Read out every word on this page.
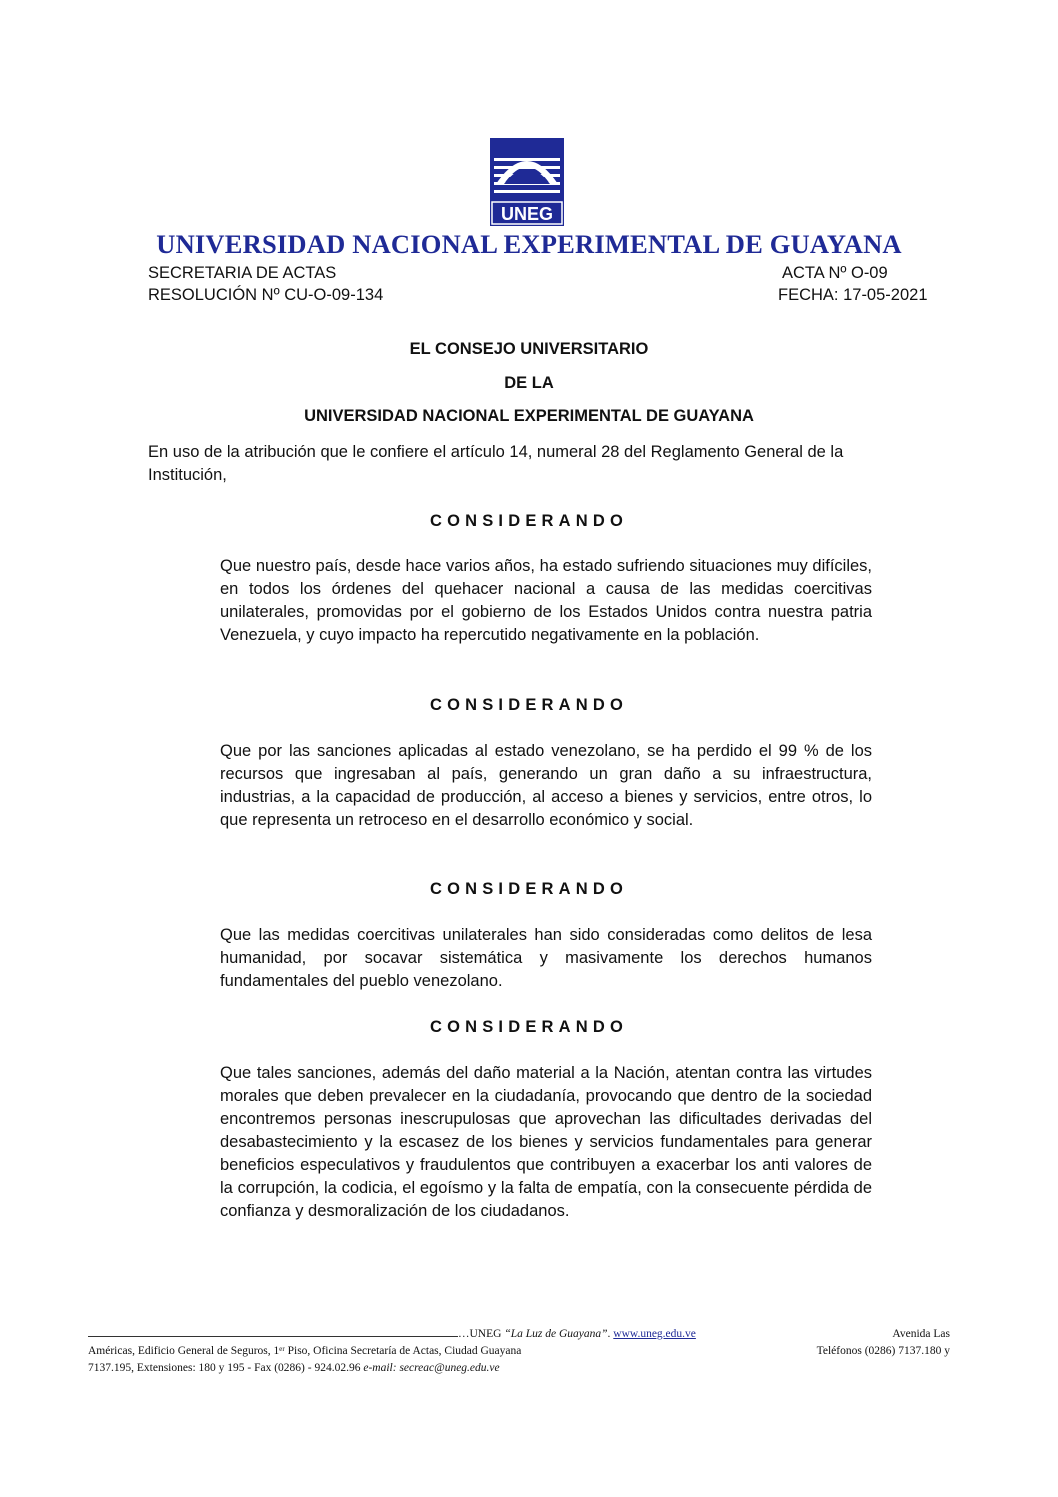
UNEG
UNIVERSIDAD NACIONAL EXPERIMENTAL DE GUAYANA
SECRETARIA DE ACTAS	ACTA Nº O-09
RESOLUCIÓN Nº CU-O-09-134	FECHA: 17-05-2021
EL CONSEJO UNIVERSITARIO
DE LA
UNIVERSIDAD NACIONAL EXPERIMENTAL DE GUAYANA
En uso de la atribución que le confiere el artículo 14, numeral 28 del Reglamento General de la Institución,
CONSIDERANDO
Que nuestro país, desde hace varios años, ha estado sufriendo situaciones muy difíciles, en todos los órdenes del quehacer nacional a causa de las medidas coercitivas unilaterales, promovidas por el gobierno de los Estados Unidos contra nuestra patria Venezuela, y cuyo impacto ha repercutido negativamente en la población.
CONSIDERANDO
Que por las sanciones aplicadas al estado venezolano, se ha perdido el 99 % de los recursos que ingresaban al país, generando un gran daño a su infraestructura, industrias, a la capacidad de producción, al acceso a bienes y servicios, entre otros, lo que representa un retroceso en el desarrollo económico y social.
CONSIDERANDO
Que las medidas coercitivas unilaterales han sido consideradas como delitos de lesa humanidad, por socavar sistemática y masivamente los derechos humanos fundamentales del pueblo venezolano.
CONSIDERANDO
Que tales sanciones, además del daño material a la Nación, atentan contra las virtudes morales que deben prevalecer en la ciudadanía, provocando que dentro de la sociedad encontremos personas inescrupulosas que aprovechan las dificultades derivadas del desabastecimiento y la escasez de los bienes y servicios fundamentales para generar beneficios especulativos y fraudulentos que contribuyen a exacerbar los anti valores de la corrupción, la codicia, el egoísmo y la falta de empatía, con la consecuente pérdida de confianza y desmoralización de los ciudadanos.
…UNEG “La Luz de Guayana”. www.uneg.edu.ve	Avenida Las
Américas, Edificio General de Seguros, 1ᵉʳ Piso, Oficina Secretaría de Actas, Ciudad Guayana	Teléfonos (0286) 7137.180 y
7137.195, Extensiones: 180 y 195 - Fax (0286) - 924.02.96 e-mail: secreac@uneg.edu.ve
